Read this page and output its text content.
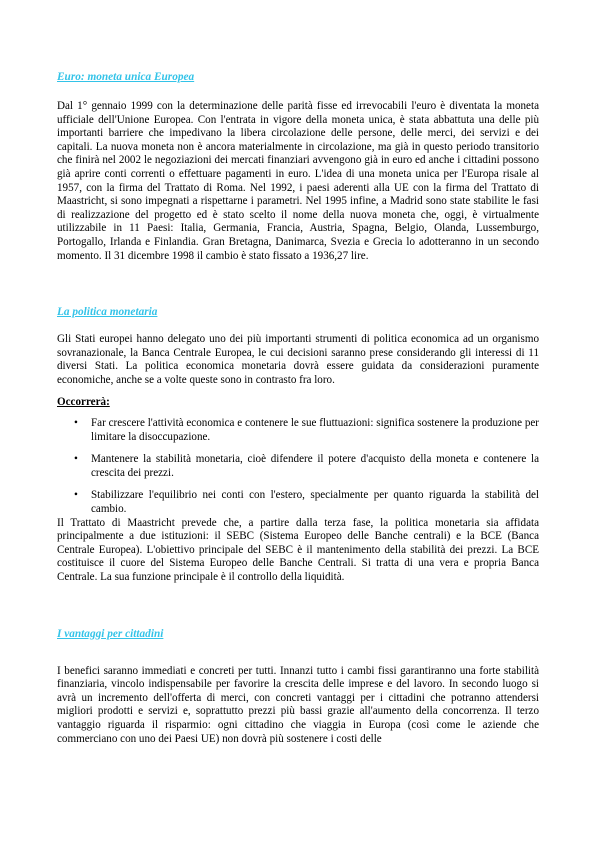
Euro: moneta unica Europea

Dal 1° gennaio 1999 con la determinazione delle parità fisse ed irrevocabili l'euro è diventata la moneta ufficiale dell'Unione Europea. Con l'entrata in vigore della moneta unica, è stata abbattuta una delle più importanti barriere che impedivano la libera circolazione delle persone, delle merci, dei servizi e dei capitali. La nuova moneta non è ancora materialmente in circolazione, ma già in questo periodo transitorio che finirà nel 2002 le negoziazioni dei mercati finanziari avvengono già in euro ed anche i cittadini possono già aprire conti correnti o effettuare pagamenti in euro. L'idea di una moneta unica per l'Europa risale al 1957, con la firma del Trattato di Roma. Nel 1992, i paesi aderenti alla UE con la firma del Trattato di Maastricht, si sono impegnati a rispettarne i parametri. Nel 1995 infine, a Madrid sono state stabilite le fasi di realizzazione del progetto ed è stato scelto il nome della nuova moneta che, oggi, è virtualmente utilizzabile in 11 Paesi: Italia, Germania, Francia, Austria, Spagna, Belgio, Olanda, Lussemburgo, Portogallo, Irlanda e Finlandia. Gran Bretagna, Danimarca, Svezia e Grecia lo adotteranno in un secondo momento. Il 31 dicembre 1998 il cambio è stato fissato a 1936,27 lire.

La politica monetaria

Gli Stati europei hanno delegato uno dei più importanti strumenti di politica economica ad un organismo sovranazionale, la Banca Centrale Europea, le cui decisioni saranno prese considerando gli interessi di 11 diversi Stati. La politica economica monetaria dovrà essere guidata da considerazioni puramente economiche, anche se a volte queste sono in contrasto fra loro.

Occorrerà:

• Far crescere l'attività economica e contenere le sue fluttuazioni: significa sostenere la produzione per limitare la disoccupazione.
• Mantenere la stabilità monetaria, cioè difendere il potere d'acquisto della moneta e contenere la crescita dei prezzi.
• Stabilizzare l'equilibrio nei conti con l'estero, specialmente per quanto riguarda la stabilità del cambio.

Il Trattato di Maastricht prevede che, a partire dalla terza fase, la politica monetaria sia affidata principalmente a due istituzioni: il SEBC (Sistema Europeo delle Banche centrali) e la BCE (Banca Centrale Europea). L'obiettivo principale del SEBC è il mantenimento della stabilità dei prezzi. La BCE costituisce il cuore del Sistema Europeo delle Banche Centrali. Si tratta di una vera e propria Banca Centrale. La sua funzione principale è il controllo della liquidità.

I vantaggi per cittadini

I benefici saranno immediati e concreti per tutti. Innanzi tutto i cambi fissi garantiranno una forte stabilità finanziaria, vincolo indispensabile per favorire la crescita delle imprese e del lavoro. In secondo luogo si avrà un incremento dell'offerta di merci, con concreti vantaggi per i cittadini che potranno attendersi migliori prodotti e servizi e, soprattutto prezzi più bassi grazie all'aumento della concorrenza. Il terzo vantaggio riguarda il risparmio: ogni cittadino che viaggia in Europa (così come le aziende che commerciano con uno dei Paesi UE) non dovrà più sostenere i costi delle
